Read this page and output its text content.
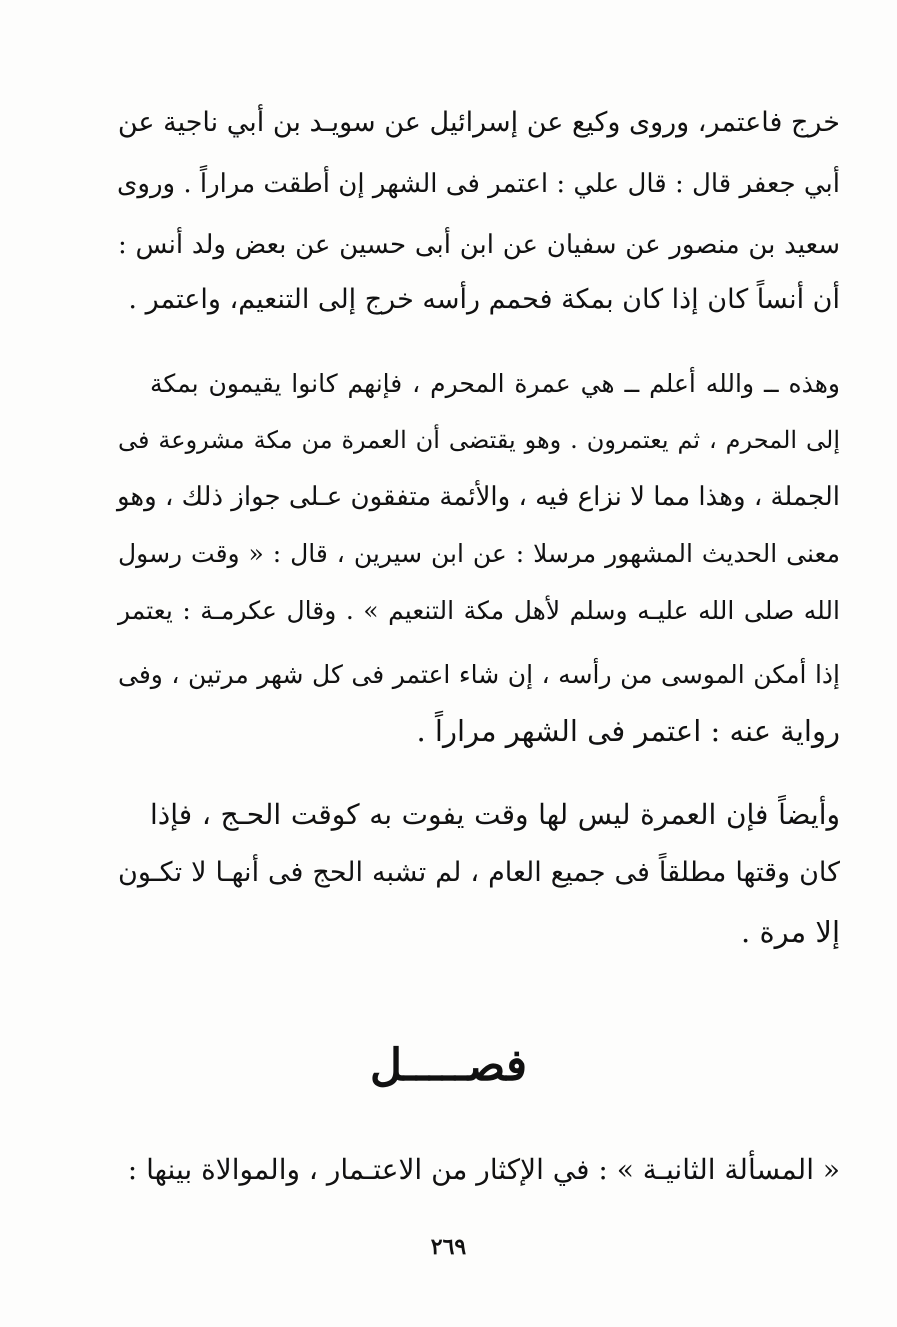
خرج فاعتمر، وروى وكيع عن إسرائيل عن سويـد بن أبي ناجية عن
أبي جعفر قال : قال علي : اعتمر فى الشهر إن أطقت مراراً . وروى
سعيد بن منصور عن سفيان عن ابن أبى حسين عن بعض ولد أنس :
أن أنساً كان إذا كان بمكة فحمم رأسه خرج إلى التنعيم، واعتمر .
وهذه ــ والله أعلم ــ هي عمرة المحرم ، فإنهم كانوا يقيمون بمكة
إلى المحرم ، ثم يعتمرون . وهو يقتضى أن العمرة من مكة مشروعة فى
الجملة ، وهذا مما لا نزاع فيه ، والأئمة متفقون عـلى جواز ذلك ، وهو
معنى الحديث المشهور مرسلا : عن ابن سيرين ، قال : « وقت رسول
الله صلى الله عليـه وسلم لأهل مكة التنعيم » . وقال عكرمـة : يعتمر
إذا أمكن الموسى من رأسه ، إن شاء اعتمر فى كل شهر مرتين ، وفى
رواية عنه : اعتمر فى الشهر مراراً .
وأيضاً فإن العمرة ليس لها وقت يفوت به كوقت الحـج ، فإذا
كان وقتها مطلقاً فى جميع العام ، لم تشبه الحج فى أنهـا لا تكـون
إلا مرة .
فصـــــل
« المسألة الثانيـة » : في الإكثار من الاعتـمار ، والموالاة بينها :
٢٦٩
